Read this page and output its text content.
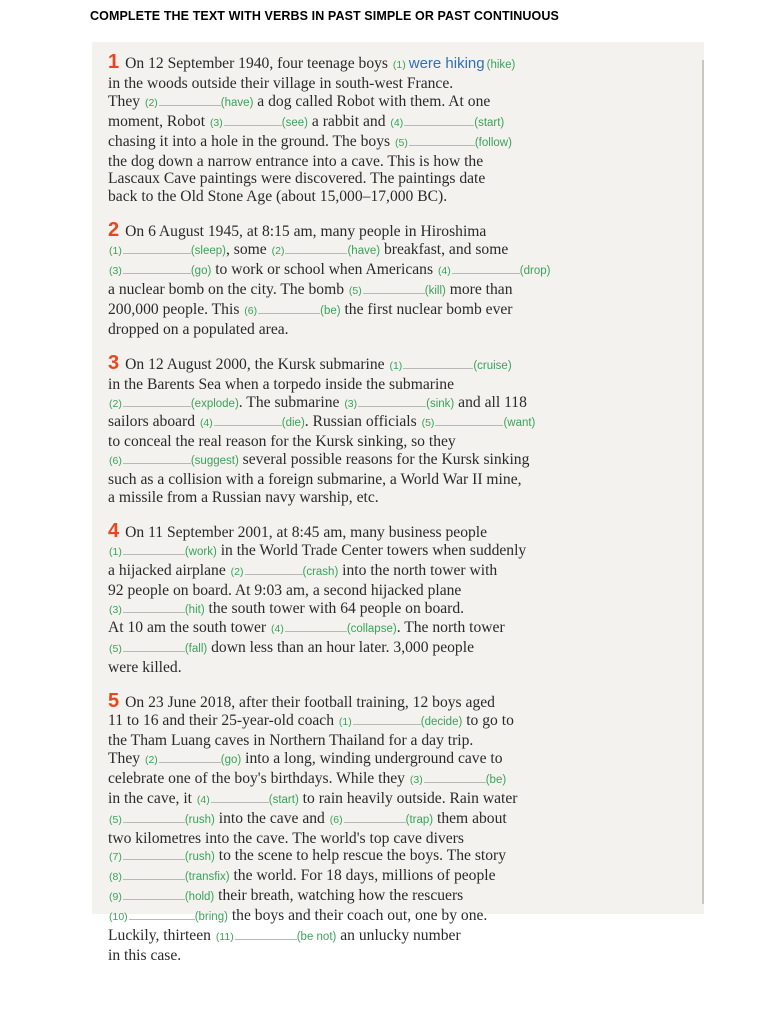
COMPLETE THE TEXT WITH VERBS IN PAST SIMPLE OR PAST CONTINUOUS
1 On 12 September 1940, four teenage boys (1) were hiking (hike)
in the woods outside their village in south-west France.
They (2)	(have) a dog called Robot with them. At one
moment, Robot (3)	(see) a rabbit and (4)	(start)
chasing it into a hole in the ground. The boys (5)	(follow)
the dog down a narrow entrance into a cave. This is how the
Lascaux Cave paintings were discovered. The paintings date
back to the Old Stone Age (about 15,000–17,000 BC).
2 On 6 August 1945, at 8:15 am, many people in Hiroshima
(1)	(sleep), some (2)	(have) breakfast, and some
(3)	(go) to work or school when Americans (4)	(drop)
a nuclear bomb on the city. The bomb (5)	(kill) more than
200,000 people. This (6)	(be) the first nuclear bomb ever
dropped on a populated area.
3 On 12 August 2000, the Kursk submarine (1)	(cruise)
in the Barents Sea when a torpedo inside the submarine
(2)	(explode). The submarine (3)	(sink) and all 118
sailors aboard (4)	(die). Russian officials (5)	(want)
to conceal the real reason for the Kursk sinking, so they
(6)	(suggest) several possible reasons for the Kursk sinking
such as a collision with a foreign submarine, a World War II mine,
a missile from a Russian navy warship, etc.
4 On 11 September 2001, at 8:45 am, many business people
(1)	(work) in the World Trade Center towers when suddenly
a hijacked airplane (2)	(crash) into the north tower with
92 people on board. At 9:03 am, a second hijacked plane
(3)	(hit) the south tower with 64 people on board.
At 10 am the south tower (4)	(collapse). The north tower
(5)	(fall) down less than an hour later. 3,000 people
were killed.
5 On 23 June 2018, after their football training, 12 boys aged
11 to 16 and their 25-year-old coach (1)	(decide) to go to
the Tham Luang caves in Northern Thailand for a day trip.
They (2)	(go) into a long, winding underground cave to
celebrate one of the boy's birthdays. While they (3)	(be)
in the cave, it (4)	(start) to rain heavily outside. Rain water
(5)	(rush) into the cave and (6)	(trap) them about
two kilometres into the cave. The world's top cave divers
(7)	(rush) to the scene to help rescue the boys. The story
(8)	(transfix) the world. For 18 days, millions of people
(9)	(hold) their breath, watching how the rescuers
(10)	(bring) the boys and their coach out, one by one.
Luckily, thirteen (11)	(be not) an unlucky number
in this case.
